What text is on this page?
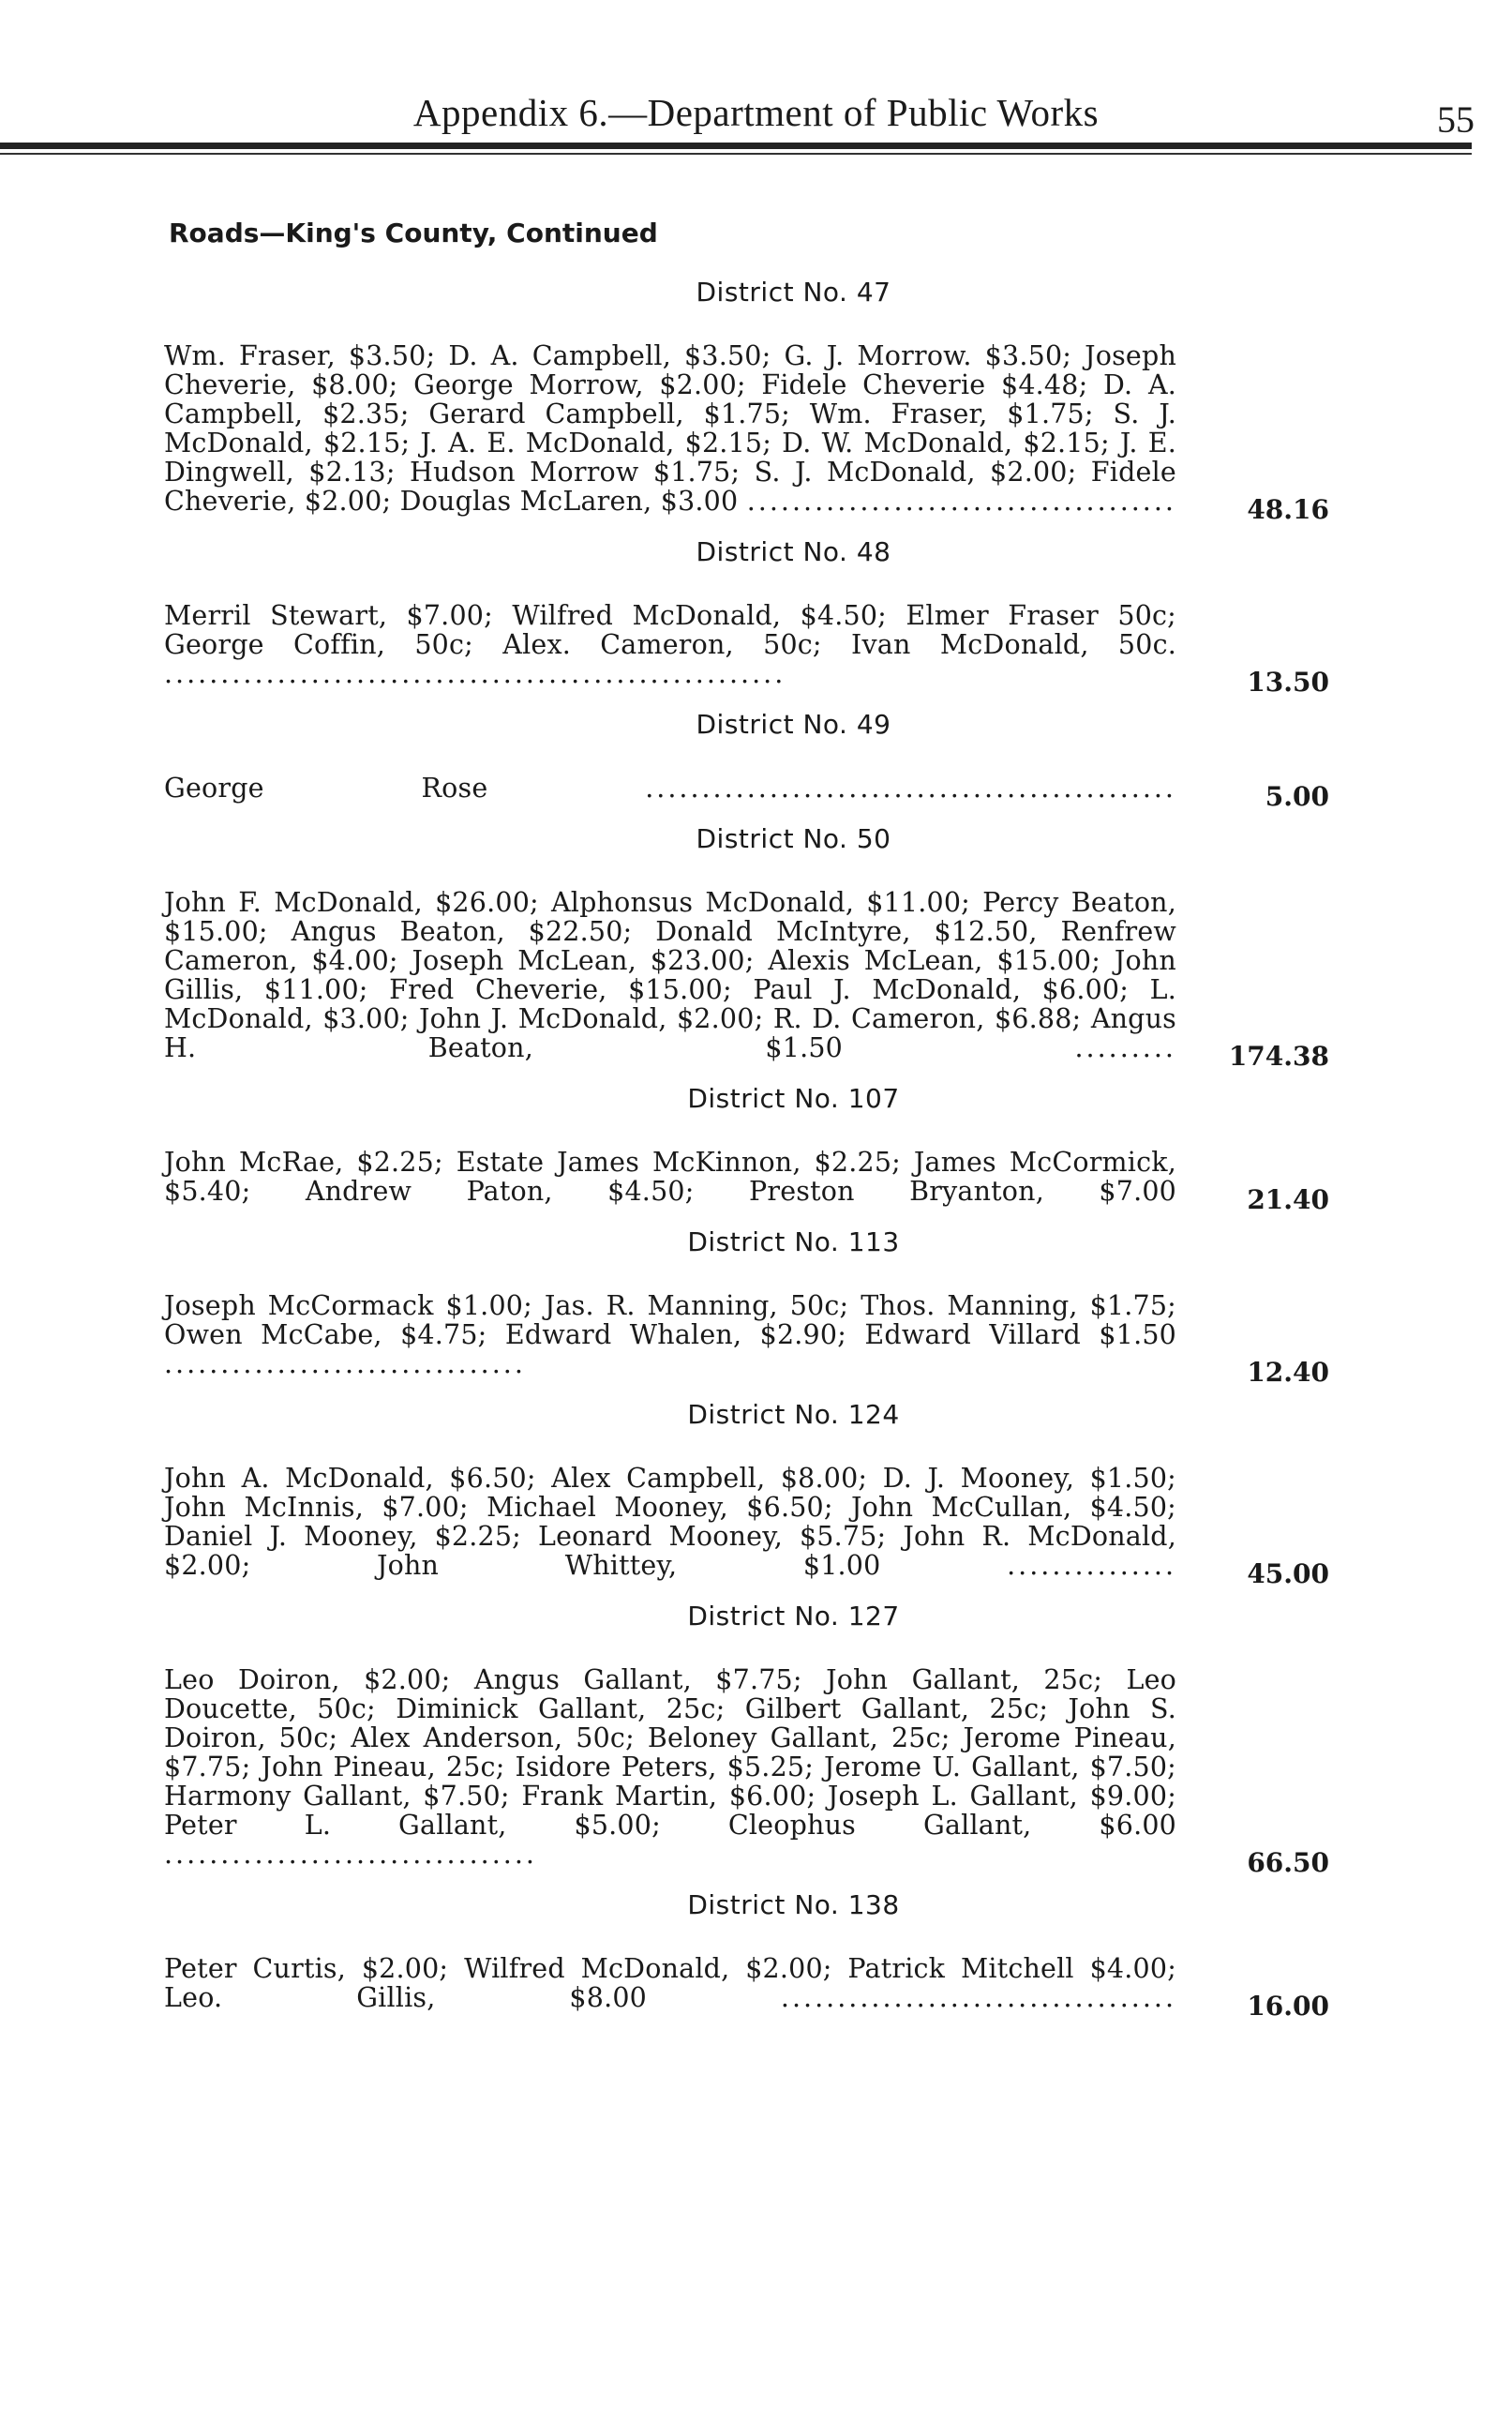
Appendix 6.—Department of Public Works	55
Roads—King's County, Continued
District No. 47
Wm. Fraser, $3.50; D. A. Campbell, $3.50; G. J. Morrow. $3.50; Joseph Cheverie, $8.00; George Morrow, $2.00; Fidele Cheverie $4.48; D. A. Campbell, $2.35; Gerard Campbell, $1.75; Wm. Fraser, $1.75; S. J. McDonald, $2.15; J. A. E. McDonald, $2.15; D. W. McDonald, $2.15; J. E. Dingwell, $2.13; Hudson Morrow $1.75; S. J. McDonald, $2.00; Fidele Cheverie, $2.00; Douglas McLaren, $3.00 ......................................	48.16
District No. 48
Merril Stewart, $7.00; Wilfred McDonald, $4.50; Elmer Fraser 50c; George Coffin, 50c; Alex. Cameron, 50c; Ivan McDonald, 50c. .......................................................	13.50
District No. 49
George Rose ...............................................	5.00
District No. 50
John F. McDonald, $26.00; Alphonsus McDonald, $11.00; Percy Beaton, $15.00; Angus Beaton, $22.50; Donald McIntyre, $12.50, Renfrew Cameron, $4.00; Joseph McLean, $23.00; Alexis McLean, $15.00; John Gillis, $11.00; Fred Cheverie, $15.00; Paul J. McDonald, $6.00; L. McDonald, $3.00; John J. McDonald, $2.00; R. D. Cameron, $6.88; Angus H. Beaton, $1.50 ......... 174.38
District No. 107
John McRae, $2.25; Estate James McKinnon, $2.25; James McCormick, $5.40; Andrew Paton, $4.50; Preston Bryanton, $7.00	21.40
District No. 113
Joseph McCormack $1.00; Jas. R. Manning, 50c; Thos. Manning, $1.75; Owen McCabe, $4.75; Edward Whalen, $2.90; Edward Villard $1.50 ................................	12.40
District No. 124
John A. McDonald, $6.50; Alex Campbell, $8.00; D. J. Mooney, $1.50; John McInnis, $7.00; Michael Mooney, $6.50; John McCullan, $4.50; Daniel J. Mooney, $2.25; Leonard Mooney, $5.75; John R. McDonald, $2.00; John Whittey, $1.00 ...............	45.00
District No. 127
Leo Doiron, $2.00; Angus Gallant, $7.75; John Gallant, 25c; Leo Doucette, 50c; Diminick Gallant, 25c; Gilbert Gallant, 25c; John S. Doiron, 50c; Alex Anderson, 50c; Beloney Gallant, 25c; Jerome Pineau, $7.75; John Pineau, 25c; Isidore Peters, $5.25; Jerome U. Gallant, $7.50; Harmony Gallant, $7.50; Frank Martin, $6.00; Joseph L. Gallant, $9.00; Peter L. Gallant, $5.00; Cleophus Gallant, $6.00 .................................	66.50
District No. 138
Peter Curtis, $2.00; Wilfred McDonald, $2.00; Patrick Mitchell $4.00; Leo. Gillis, $8.00 ...................................	16.00
